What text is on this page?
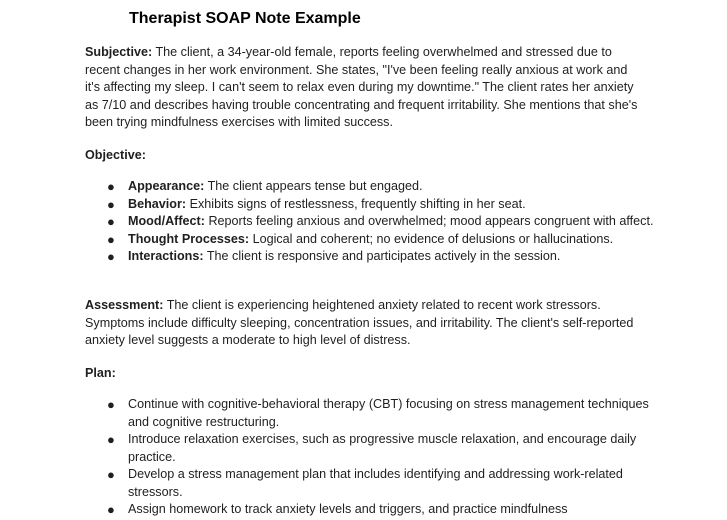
Therapist SOAP Note Example

Subjective: The client, a 34-year-old female, reports feeling overwhelmed and stressed due to recent changes in her work environment. She states, "I've been feeling really anxious at work and it's affecting my sleep. I can't seem to relax even during my downtime." The client rates her anxiety as 7/10 and describes having trouble concentrating and frequent irritability. She mentions that she's been trying mindfulness exercises with limited success.

Objective:

● Appearance: The client appears tense but engaged.
● Behavior: Exhibits signs of restlessness, frequently shifting in her seat.
● Mood/Affect: Reports feeling anxious and overwhelmed; mood appears congruent with affect.
● Thought Processes: Logical and coherent; no evidence of delusions or hallucinations.
● Interactions: The client is responsive and participates actively in the session.

Assessment: The client is experiencing heightened anxiety related to recent work stressors. Symptoms include difficulty sleeping, concentration issues, and irritability. The client's self-reported anxiety level suggests a moderate to high level of distress.

Plan:

● Continue with cognitive-behavioral therapy (CBT) focusing on stress management techniques and cognitive restructuring.
● Introduce relaxation exercises, such as progressive muscle relaxation, and encourage daily practice.
● Develop a stress management plan that includes identifying and addressing work-related stressors.
● Assign homework to track anxiety levels and triggers, and practice mindfulness
